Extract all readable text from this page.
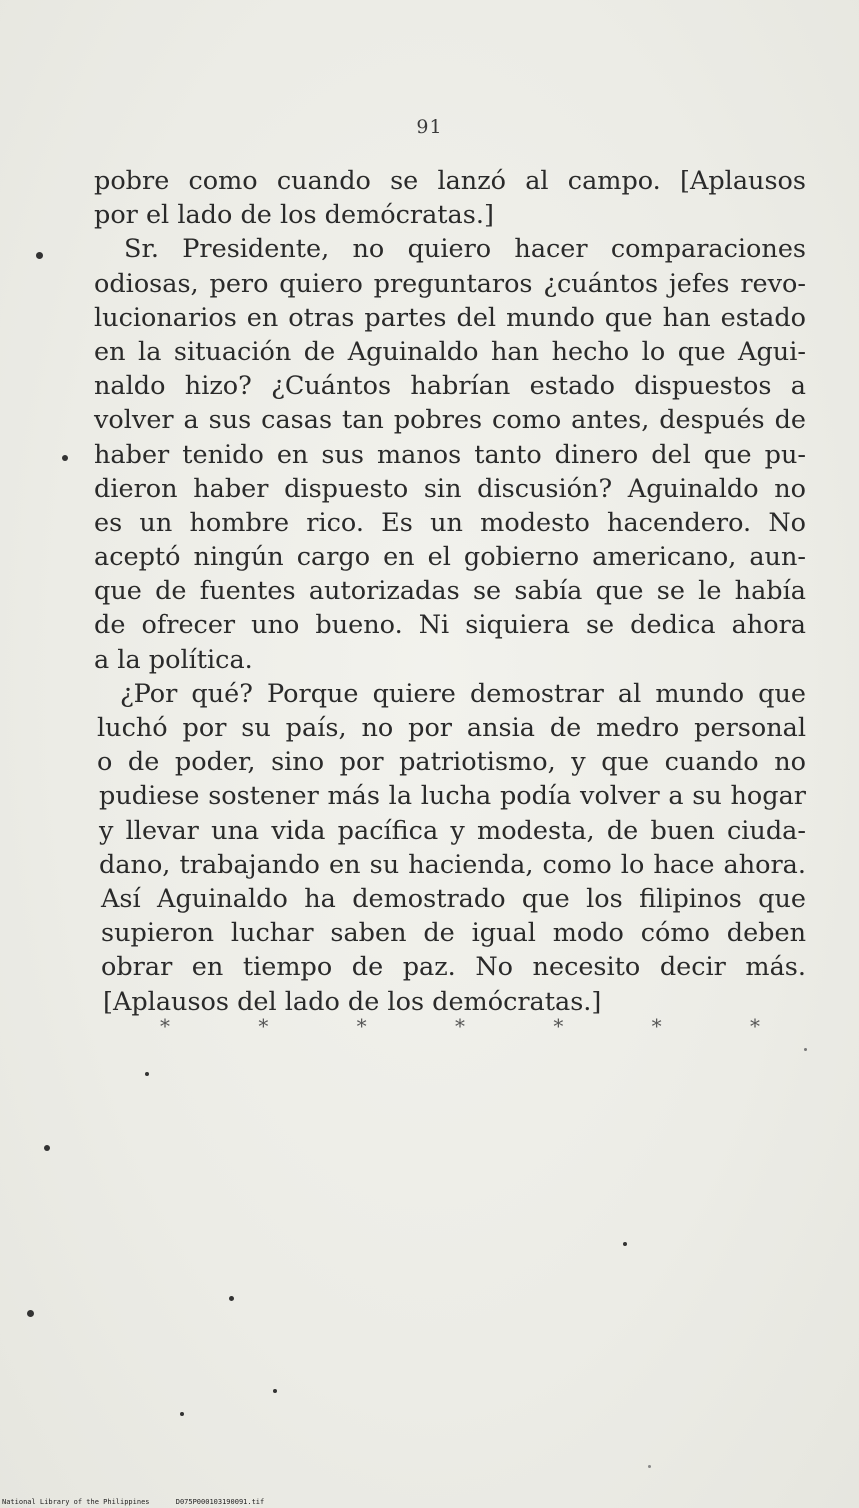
91
pobre como cuando se lanzó al campo. [Aplausos
por el lado de los demócratas.]
Sr. Presidente, no quiero hacer comparaciones
odiosas, pero quiero preguntaros ¿cuántos jefes revo-
lucionarios en otras partes del mundo que han estado
en la situación de Aguinaldo han hecho lo que Agui-
naldo hizo? ¿Cuántos habrían estado dispuestos a
volver a sus casas tan pobres como antes, después de
haber tenido en sus manos tanto dinero del que pu-
dieron haber dispuesto sin discusión? Aguinaldo no
es un hombre rico. Es un modesto hacendero. No
aceptó ningún cargo en el gobierno americano, aun-
que de fuentes autorizadas se sabía que se le había
de ofrecer uno bueno. Ni siquiera se dedica ahora
a la política.
¿Por qué? Porque quiere demostrar al mundo que
luchó por su país, no por ansia de medro personal
o de poder, sino por patriotismo, y que cuando no
pudiese sostener más la lucha podía volver a su hogar
y llevar una vida pacífica y modesta, de buen ciuda-
dano, trabajando en su hacienda, como lo hace ahora.
Así Aguinaldo ha demostrado que los filipinos que
supieron luchar saben de igual modo cómo deben
obrar en tiempo de paz. No necesito decir más.
[Aplausos del lado de los demócratas.]
*	*	*	*	*	*	*
National Library of the Philippines	D075P000103190091.tif
